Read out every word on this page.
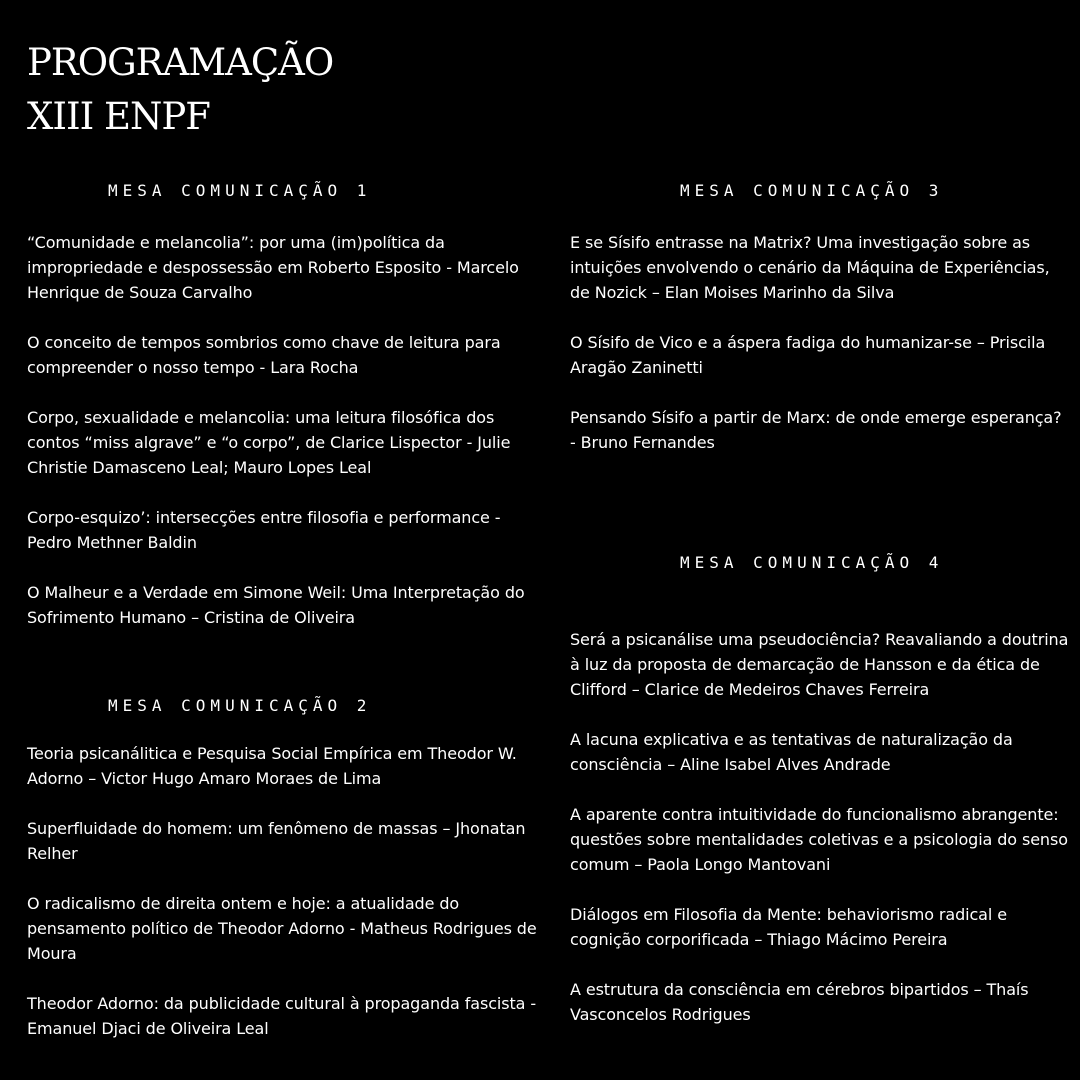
PROGRAMAÇÃO
XIII ENPF
MESA COMUNICAÇÃO 1

“Comunidade e melancolia”: por uma (im)política da impropriedade e despossessão em Roberto Esposito - Marcelo Henrique de Souza Carvalho

O conceito de tempos sombrios como chave de leitura para compreender o nosso tempo - Lara Rocha

Corpo, sexualidade e melancolia: uma leitura filosófica dos contos “miss algrave” e “o corpo”, de Clarice Lispector - Julie Christie Damasceno Leal; Mauro Lopes Leal

Corpo-esquizo’: intersecções entre filosofia e performance - Pedro Methner Baldin

O Malheur e a Verdade em Simone Weil: Uma Interpretação do Sofrimento Humano – Cristina de Oliveira

MESA COMUNICAÇÃO 2

Teoria psicanálitica e Pesquisa Social Empírica em Theodor W. Adorno – Victor Hugo Amaro Moraes de Lima

Superfluidade do homem: um fenômeno de massas – Jhonatan Relher

O radicalismo de direita ontem e hoje: a atualidade do pensamento político de Theodor Adorno - Matheus Rodrigues de Moura

Theodor Adorno: da publicidade cultural à propaganda fascista - Emanuel Djaci de Oliveira Leal

MESA COMUNICAÇÃO 3

E se Sísifo entrasse na Matrix? Uma investigação sobre as intuições envolvendo o cenário da Máquina de Experiências, de Nozick – Elan Moises Marinho da Silva

O Sísifo de Vico e a áspera fadiga do humanizar-se – Priscila Aragão Zaninetti

Pensando Sísifo a partir de Marx: de onde emerge esperança? - Bruno Fernandes

MESA COMUNICAÇÃO 4

Será a psicanálise uma pseudociência? Reavaliando a doutrina à luz da proposta de demarcação de Hansson e da ética de Clifford – Clarice de Medeiros Chaves Ferreira

A lacuna explicativa e as tentativas de naturalização da consciência – Aline Isabel Alves Andrade

A aparente contra intuitividade do funcionalismo abrangente: questões sobre mentalidades coletivas e a psicologia do senso comum – Paola Longo Mantovani

Diálogos em Filosofia da Mente: behaviorismo radical e cognição corporificada – Thiago Mácimo Pereira

A estrutura da consciência em cérebros bipartidos – Thaís Vasconcelos Rodrigues
